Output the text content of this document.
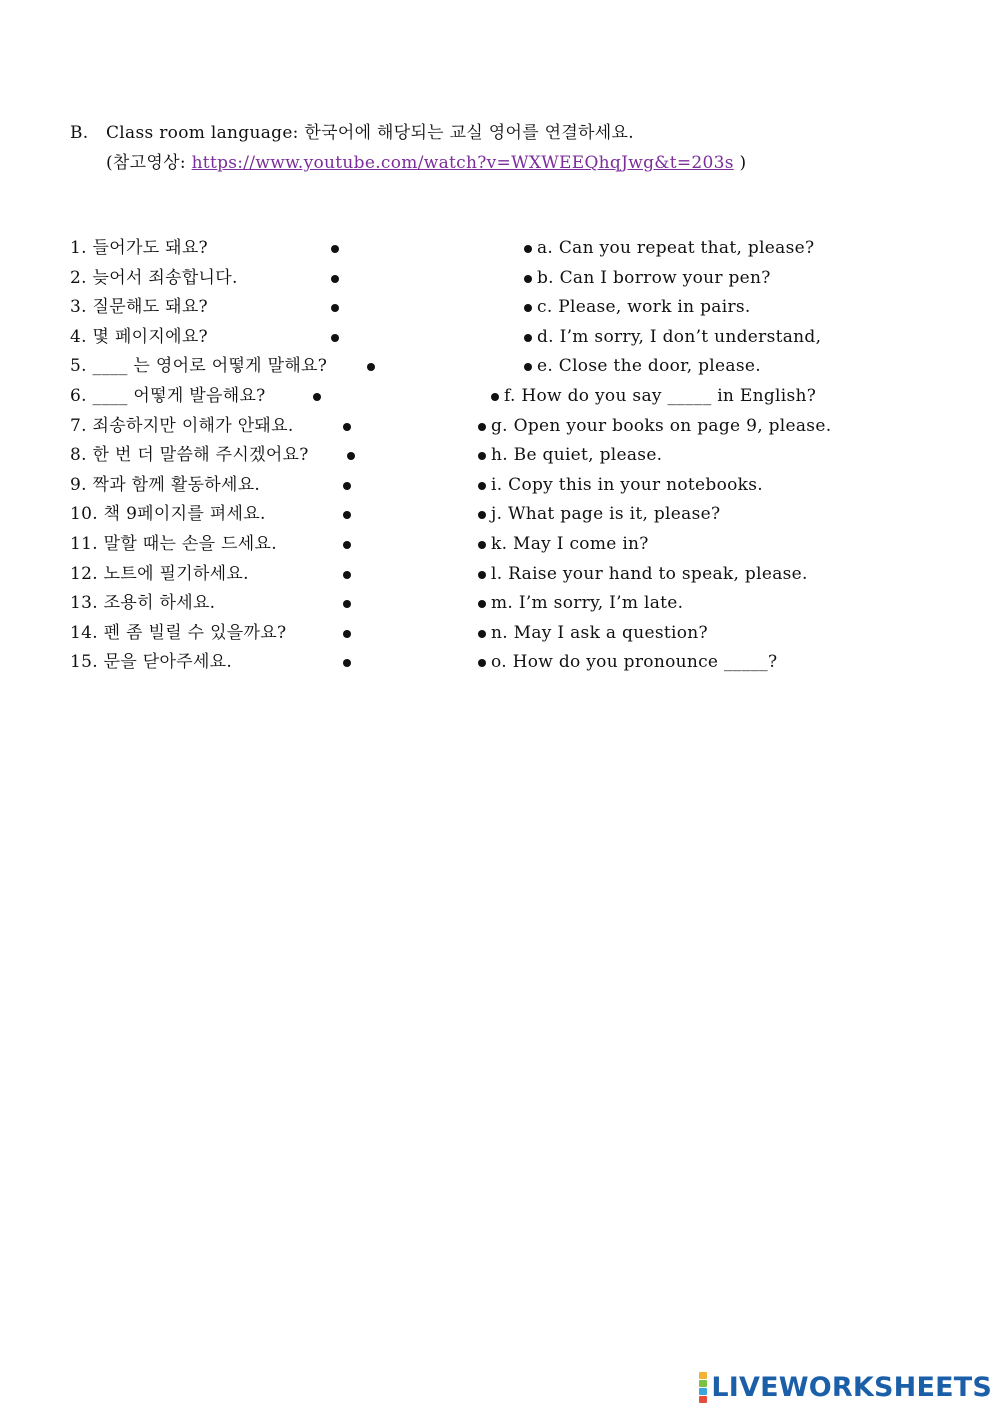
B. Class room language: 한국어에 해당되는 교실 영어를 연결하세요.
(참고영상: https://www.youtube.com/watch?v=WXWEEQhqJwg&t=203s )
1. 들어가도 돼요?	a. Can you repeat that, please?
2. 늦어서 죄송합니다.	b. Can I borrow your pen?
3. 질문해도 돼요?	c. Please, work in pairs.
4. 몇 페이지에요?	d. I’m sorry, I don’t understand,
5. ____ 는 영어로 어떻게 말해요?	e. Close the door, please.
6. ____ 어떻게 발음해요?	f. How do you say _____ in English?
7. 죄송하지만 이해가 안돼요.	g. Open your books on page 9, please.
8. 한 번 더 말씀해 주시겠어요?	h. Be quiet, please.
9. 짝과 함께 활동하세요.	i. Copy this in your notebooks.
10. 책 9페이지를 펴세요.	j. What page is it, please?
11. 말할 때는 손을 드세요.	k. May I come in?
12. 노트에 필기하세요.	l. Raise your hand to speak, please.
13. 조용히 하세요.	m. I’m sorry, I’m late.
14. 펜 좀 빌릴 수 있을까요?	n. May I ask a question?
15. 문을 닫아주세요.	o. How do you pronounce _____?
LIVEWORKSHEETS
